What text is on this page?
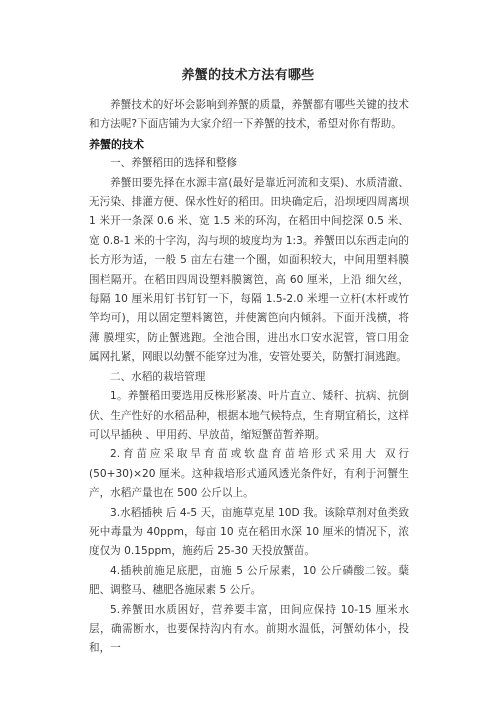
养蟹的技术方法有哪些

养蟹技术的好坏会影响到养蟹的质量，养蟹都有哪些关键的技术和方法呢?下面店铺为大家介绍一下养蟹的技术，希望对你有帮助。

养蟹的技术

一、养蟹稻田的选择和整修

养蟹田要先择在水源丰富(最好是靠近河流和支渠)、水质清澈、无污染、排灌方便、保水性好的稻田。田块确定后，沿坝埂四周离坝 1 米开一条深 0.6 米、宽 1.5 米的环沟，在稻田中间挖深 0.5 米、宽 0.8-1 米的十字沟，沟与坝的坡度均为 1:3。养蟹田以东西走向的长方形为适，一般 5 亩左右建一个圈，如面积较大，中间用塑料膜围栏隔开。在稻田四周设塑料膜篱笆，高 60 厘米，上沿 细欠丝，每隔 10 厘米用钉书钉钉一下，每隔 1.5-2.0 米埋一立杆(木杆或竹竿均可)，用以固定塑料篱笆，并使篱笆向内倾斜。下面开浅横，将薄 膜埋实，防止蟹逃跑。全池合围，进出水口安水泥管，管口用金属网扎紧，网眼以幼蟹不能穿过为准，安管处要关，防蟹打洞逃跑。

二、水稻的栽培管理

1。养蟹稻田要选用反株形紧凑、叶片直立、矮秆、抗病、抗倒伏、生产性好的水稻品种，根据本地气候特点，生育期宜稍长，这样可以早插秧 、甲用药、早放苗，缩短蟹苗暂养期。

2.育苗应采取旱育苗或软盘育苗培形式采用大 双行(50+30)×20 厘米。这种栽培形式通风透光条件好，有利于河蟹生产，水稻产量也在 500 公斤以上。

3.水稻插秧 后 4-5 天，亩施草克星 10D 我。该除草剂对鱼类致死中毒量为 40ppm，每亩 10 克在稻田水深 10 厘米的情况下，浓度仅为 0.15ppm，施药后 25-30 天投放蟹苗。

4.插秧前施足底肥，亩施 5 公斤尿素，10 公斤磷酸二铵。蘖肥、调整马、穗肥各施尿素 5 公斤。

5.养蟹田水质困好，营养要丰富，田间应保持 10-15 厘米水层，确需断水，也要保持沟内有水。前期水温低，河蟹幼体小，投和，一
